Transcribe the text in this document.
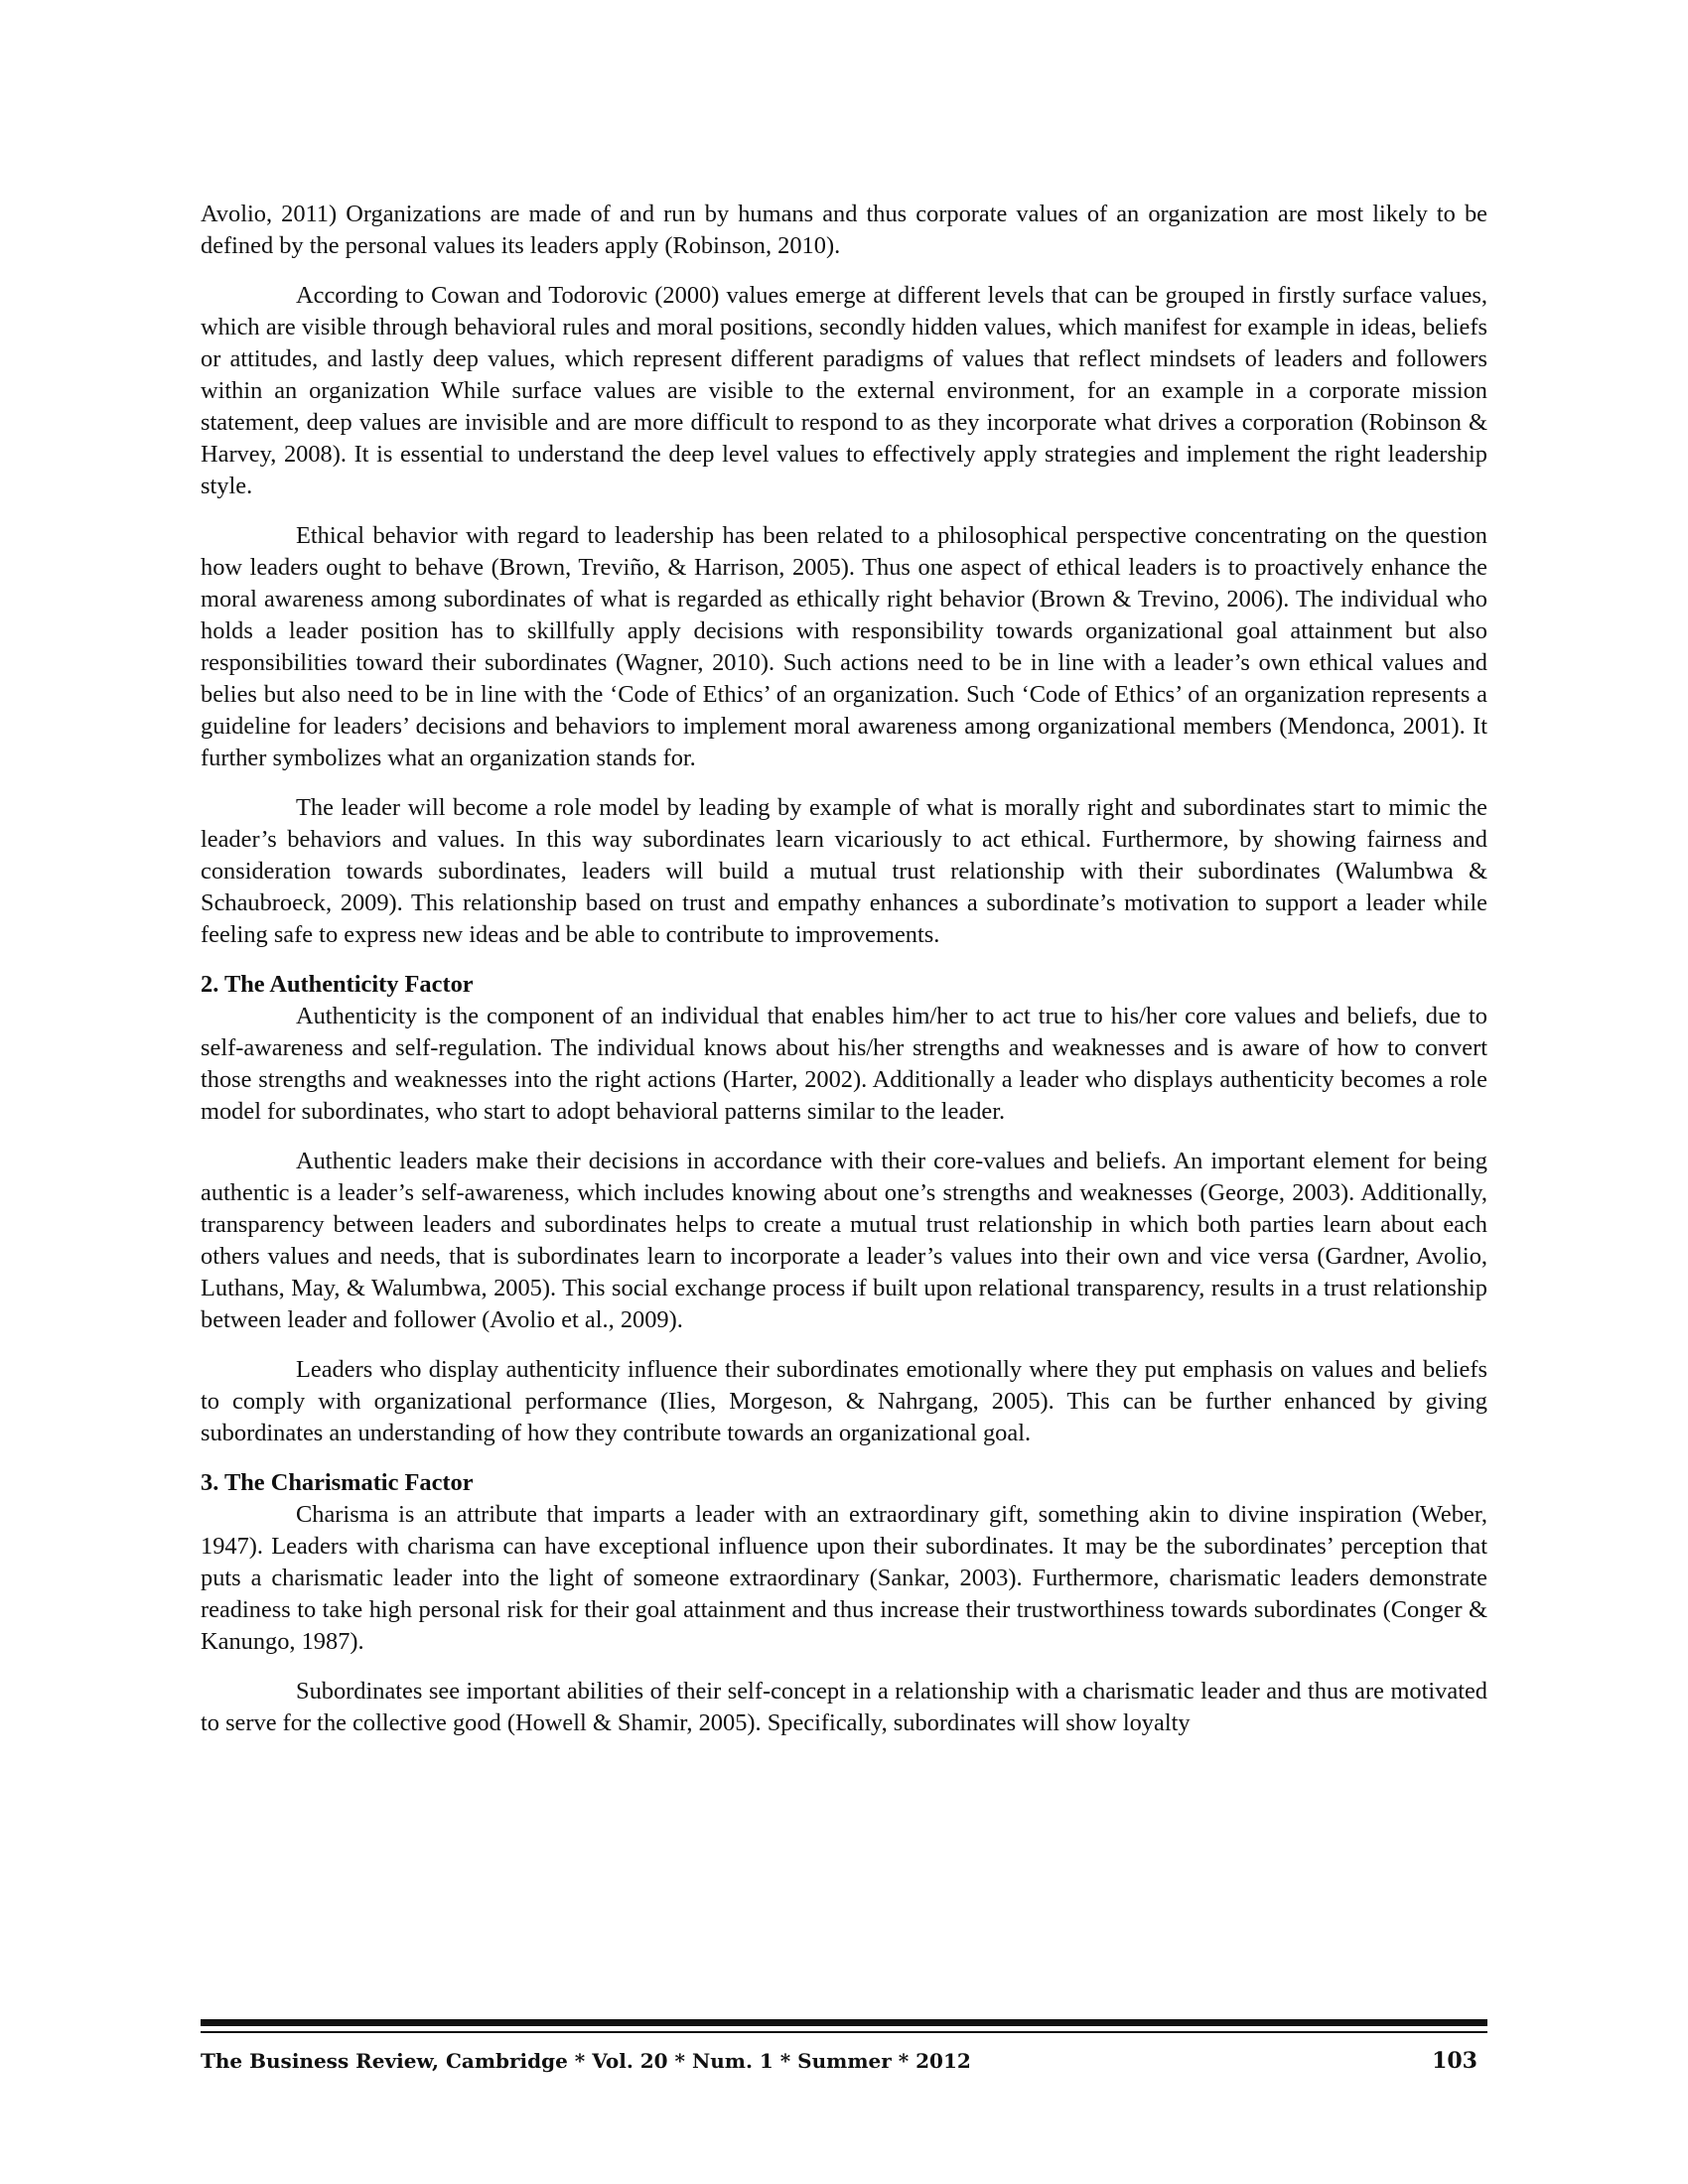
Avolio, 2011) Organizations are made of and run by humans and thus corporate values of an organization are most likely to be defined by the personal values its leaders apply (Robinson, 2010).

According to Cowan and Todorovic (2000) values emerge at different levels that can be grouped in firstly surface values, which are visible through behavioral rules and moral positions, secondly hidden values, which manifest for example in ideas, beliefs or attitudes, and lastly deep values, which represent different paradigms of values that reflect mindsets of leaders and followers within an organization While surface values are visible to the external environment, for an example in a corporate mission statement, deep values are invisible and are more difficult to respond to as they incorporate what drives a corporation (Robinson & Harvey, 2008). It is essential to understand the deep level values to effectively apply strategies and implement the right leadership style.

Ethical behavior with regard to leadership has been related to a philosophical perspective concentrating on the question how leaders ought to behave (Brown, Treviño, & Harrison, 2005). Thus one aspect of ethical leaders is to proactively enhance the moral awareness among subordinates of what is regarded as ethically right behavior (Brown & Trevino, 2006). The individual who holds a leader position has to skillfully apply decisions with responsibility towards organizational goal attainment but also responsibilities toward their subordinates (Wagner, 2010). Such actions need to be in line with a leader’s own ethical values and belies but also need to be in line with the ‘Code of Ethics’ of an organization. Such ‘Code of Ethics’ of an organization represents a guideline for leaders’ decisions and behaviors to implement moral awareness among organizational members (Mendonca, 2001). It further symbolizes what an organization stands for.

The leader will become a role model by leading by example of what is morally right and subordinates start to mimic the leader’s behaviors and values. In this way subordinates learn vicariously to act ethical. Furthermore, by showing fairness and consideration towards subordinates, leaders will build a mutual trust relationship with their subordinates (Walumbwa & Schaubroeck, 2009). This relationship based on trust and empathy enhances a subordinate’s motivation to support a leader while feeling safe to express new ideas and be able to contribute to improvements.

2. The Authenticity Factor

Authenticity is the component of an individual that enables him/her to act true to his/her core values and beliefs, due to self-awareness and self-regulation. The individual knows about his/her strengths and weaknesses and is aware of how to convert those strengths and weaknesses into the right actions (Harter, 2002). Additionally a leader who displays authenticity becomes a role model for subordinates, who start to adopt behavioral patterns similar to the leader.

Authentic leaders make their decisions in accordance with their core-values and beliefs. An important element for being authentic is a leader’s self-awareness, which includes knowing about one’s strengths and weaknesses (George, 2003). Additionally, transparency between leaders and subordinates helps to create a mutual trust relationship in which both parties learn about each others values and needs, that is subordinates learn to incorporate a leader’s values into their own and vice versa (Gardner, Avolio, Luthans, May, & Walumbwa, 2005). This social exchange process if built upon relational transparency, results in a trust relationship between leader and follower (Avolio et al., 2009).

Leaders who display authenticity influence their subordinates emotionally where they put emphasis on values and beliefs to comply with organizational performance (Ilies, Morgeson, & Nahrgang, 2005). This can be further enhanced by giving subordinates an understanding of how they contribute towards an organizational goal.

3. The Charismatic Factor

Charisma is an attribute that imparts a leader with an extraordinary gift, something akin to divine inspiration (Weber, 1947). Leaders with charisma can have exceptional influence upon their subordinates. It may be the subordinates’ perception that puts a charismatic leader into the light of someone extraordinary (Sankar, 2003). Furthermore, charismatic leaders demonstrate readiness to take high personal risk for their goal attainment and thus increase their trustworthiness towards subordinates (Conger & Kanungo, 1987).

Subordinates see important abilities of their self-concept in a relationship with a charismatic leader and thus are motivated to serve for the collective good (Howell & Shamir, 2005). Specifically, subordinates will show loyalty

The Business Review, Cambridge * Vol. 20 * Num. 1 * Summer * 2012	103
